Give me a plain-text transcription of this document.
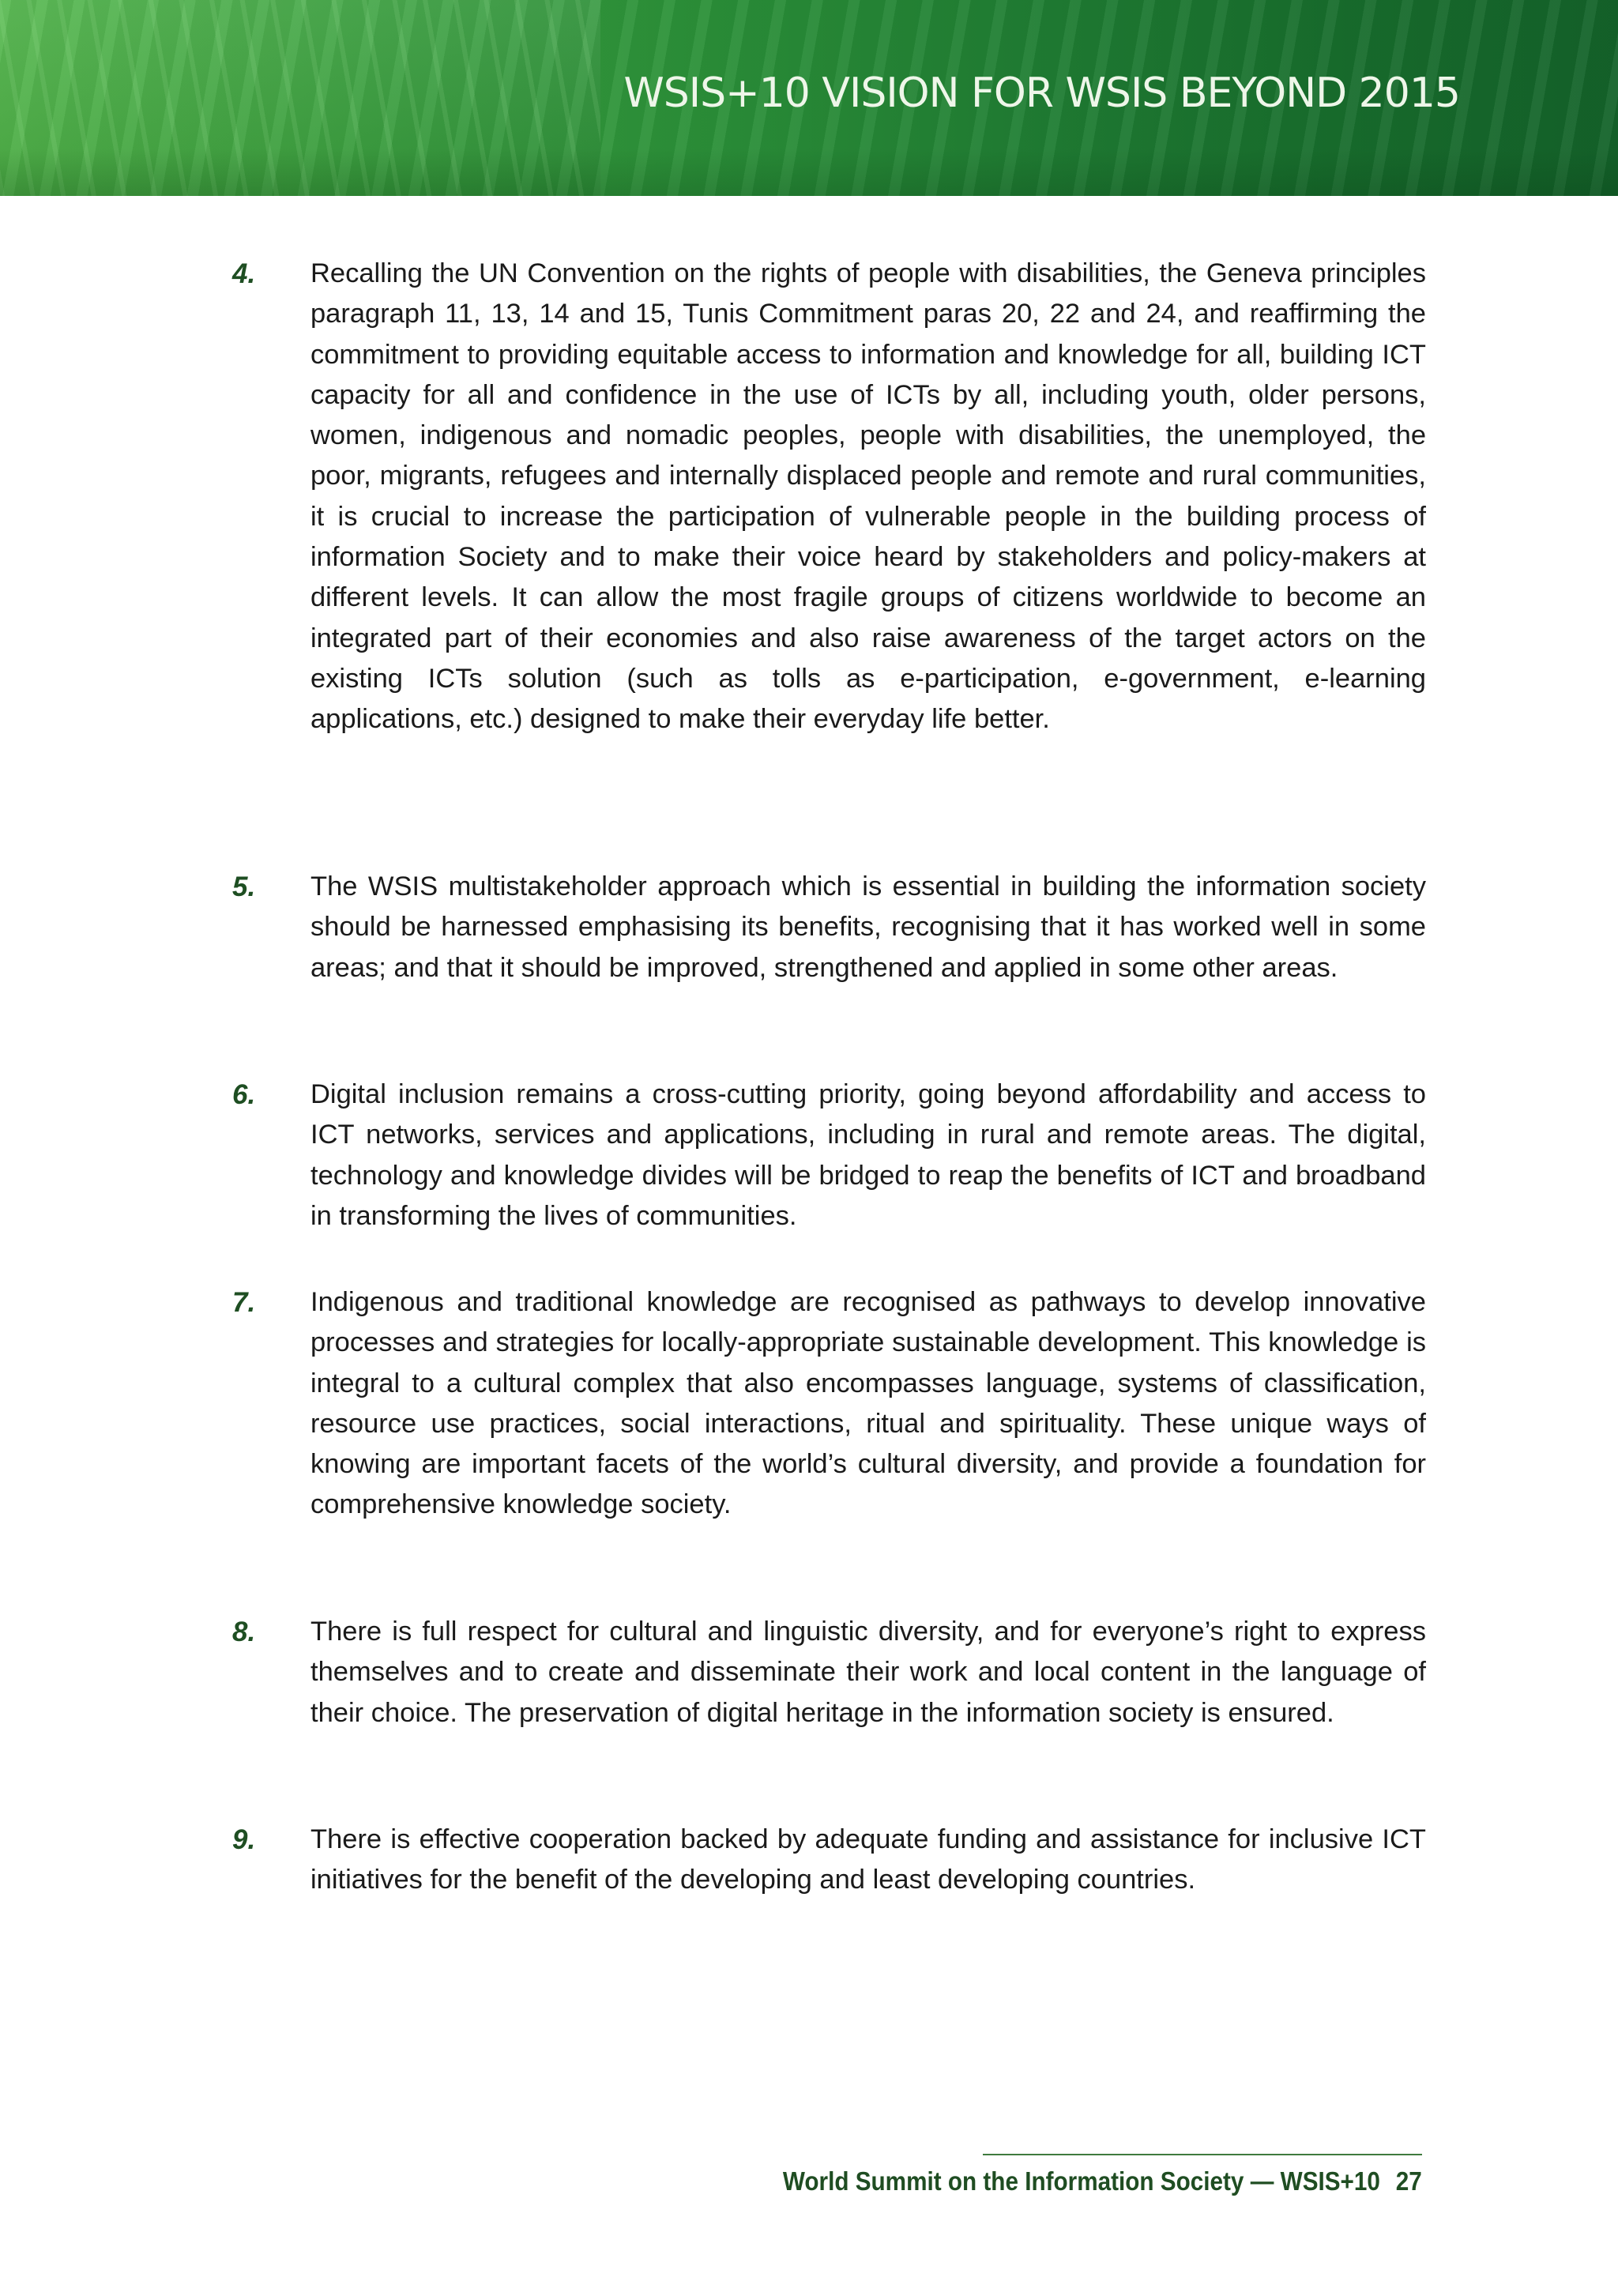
WSIS+10 VISION FOR WSIS BEYOND 2015
4. Recalling the UN Convention on the rights of people with disabilities, the Geneva principles paragraph 11, 13, 14 and 15, Tunis Commitment paras 20, 22 and 24, and reaffirming the commitment to providing equitable access to information and knowledge for all, building ICT capacity for all and confidence in the use of ICTs by all, including youth, older persons, women, indigenous and nomadic peoples, people with disabilities, the unemployed, the poor, migrants, refugees and internally displaced people and remote and rural communities, it is crucial to increase the participation of vulnerable people in the building process of information Society and to make their voice heard by stakeholders and policy-makers at different levels. It can allow the most fragile groups of citizens worldwide to become an integrated part of their economies and also raise awareness of the target actors on the existing ICTs solution (such as tolls as e-participation, e-government, e-learning applications, etc.) designed to make their everyday life better.

5. The WSIS multistakeholder approach which is essential in building the information society should be harnessed emphasising its benefits, recognising that it has worked well in some areas; and that it should be improved, strengthened and applied in some other areas.

6. Digital inclusion remains a cross-cutting priority, going beyond affordability and access to ICT networks, services and applications, including in rural and remote areas. The digital, technology and knowledge divides will be bridged to reap the benefits of ICT and broadband in transforming the lives of communities.

7. Indigenous and traditional knowledge are recognised as pathways to develop innovative processes and strategies for locally-appropriate sustainable development. This knowledge is integral to a cultural complex that also encompasses language, systems of classification, resource use practices, social interactions, ritual and spirituality. These unique ways of knowing are important facets of the world’s cultural diversity, and provide a foundation for comprehensive knowledge society.

8. There is full respect for cultural and linguistic diversity, and for everyone’s right to express themselves and to create and disseminate their work and local content in the language of their choice. The preservation of digital heritage in the information society is ensured.

9. There is effective cooperation backed by adequate funding and assistance for inclusive ICT initiatives for the benefit of the developing and least developing countries.

World Summit on the Information Society — WSIS+10 27
